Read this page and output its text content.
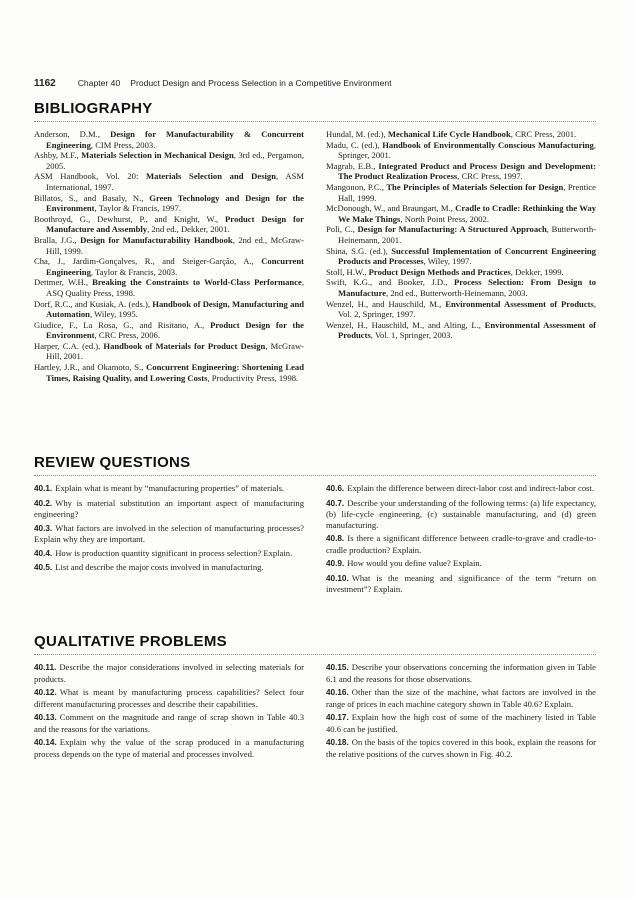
1162	Chapter 40 Product Design and Process Selection in a Competitive Environment
BIBLIOGRAPHY

Anderson, D.M., Design for Manufacturability & Concurrent Engineering, CIM Press, 2003.

Ashby, M.F., Materials Selection in Mechanical Design, 3rd ed., Pergamon, 2005.

ASM Handbook, Vol. 20: Materials Selection and Design, ASM International, 1997.

Billatos, S., and Basaly, N., Green Technology and Design for the Environment, Taylor & Francis, 1997.

Boothroyd, G., Dewhurst, P., and Knight, W., Product Design for Manufacture and Assembly, 2nd ed., Dekker, 2001.

Bralla, J.G., Design for Manufacturability Handbook, 2nd ed., McGraw-Hill, 1999.

Cha, J., Jardim-Gonçalves, R., and Steiger-Garção, A., Concurrent Engineering, Taylor & Francis, 2003.

Dettmer, W.H., Breaking the Constraints to World-Class Performance, ASQ Quality Press, 1998.

Dorf, R.C., and Kusiak, A. (eds.), Handbook of Design, Manufacturing and Automation, Wiley, 1995.

Giudice, F., La Rosa, G., and Risitano, A., Product Design for the Environment, CRC Press, 2006.

Harper, C.A. (ed.), Handbook of Materials for Product Design, McGraw-Hill, 2001.

Hartley, J.R., and Okamoto, S., Concurrent Engineering: Shortening Lead Times, Raising Quality, and Lowering Costs, Productivity Press, 1998.

Hundal, M. (ed.), Mechanical Life Cycle Handbook, CRC Press, 2001.

Madu, C. (ed.), Handbook of Environmentally Conscious Manufacturing, Springer, 2001.

Magrab, E.B., Integrated Product and Process Design and Development: The Product Realization Process, CRC Press, 1997.

Mangonon, P.C., The Principles of Materials Selection for Design, Prentice Hall, 1999.

McDonough, W., and Braungart, M., Cradle to Cradle: Rethinking the Way We Make Things, North Point Press, 2002.

Poli, C., Design for Manufacturing: A Structured Approach, Butterworth-Heinemann, 2001.

Shina, S.G. (ed.), Successful Implementation of Concurrent Engineering Products and Processes, Wiley, 1997.

Stoll, H.W., Product Design Methods and Practices, Dekker, 1999.

Swift, K.G., and Booker, J.D., Process Selection: From Design to Manufacture, 2nd ed., Butterworth-Heinemann, 2003.

Wenzel, H., and Hauschild, M., Environmental Assessment of Products, Vol. 2, Springer, 1997.

Wenzel, H., Hauschild, M., and Alting, L., Environmental Assessment of Products, Vol. 1, Springer, 2003.

REVIEW QUESTIONS

40.1. Explain what is meant by “manufacturing properties” of materials.

40.2. Why is material substitution an important aspect of manufacturing engineering?

40.3. What factors are involved in the selection of manufacturing processes? Explain why they are important.

40.4. How is production quantity significant in process selection? Explain.

40.5. List and describe the major costs involved in manufacturing.

40.6. Explain the difference between direct-labor cost and indirect-labor cost.

40.7. Describe your understanding of the following terms: (a) life expectancy, (b) life-cycle engineering, (c) sustainable manufacturing, and (d) green manufacturing.

40.8. Is there a significant difference between cradle-to-grave and cradle-to-cradle production? Explain.

40.9. How would you define value? Explain.

40.10. What is the meaning and significance of the term “return on investment”? Explain.

QUALITATIVE PROBLEMS

40.11. Describe the major considerations involved in selecting materials for products.

40.12. What is meant by manufacturing process capabilities? Select four different manufacturing processes and describe their capabilities.

40.13. Comment on the magnitude and range of scrap shown in Table 40.3 and the reasons for the variations.

40.14. Explain why the value of the scrap produced in a manufacturing process depends on the type of material and processes involved.

40.15. Describe your observations concerning the information given in Table 6.1 and the reasons for those observations.

40.16. Other than the size of the machine, what factors are involved in the range of prices in each machine category shown in Table 40.6? Explain.

40.17. Explain how the high cost of some of the machinery listed in Table 40.6 can be justified.

40.18. On the basis of the topics covered in this book, explain the reasons for the relative positions of the curves shown in Fig. 40.2.
